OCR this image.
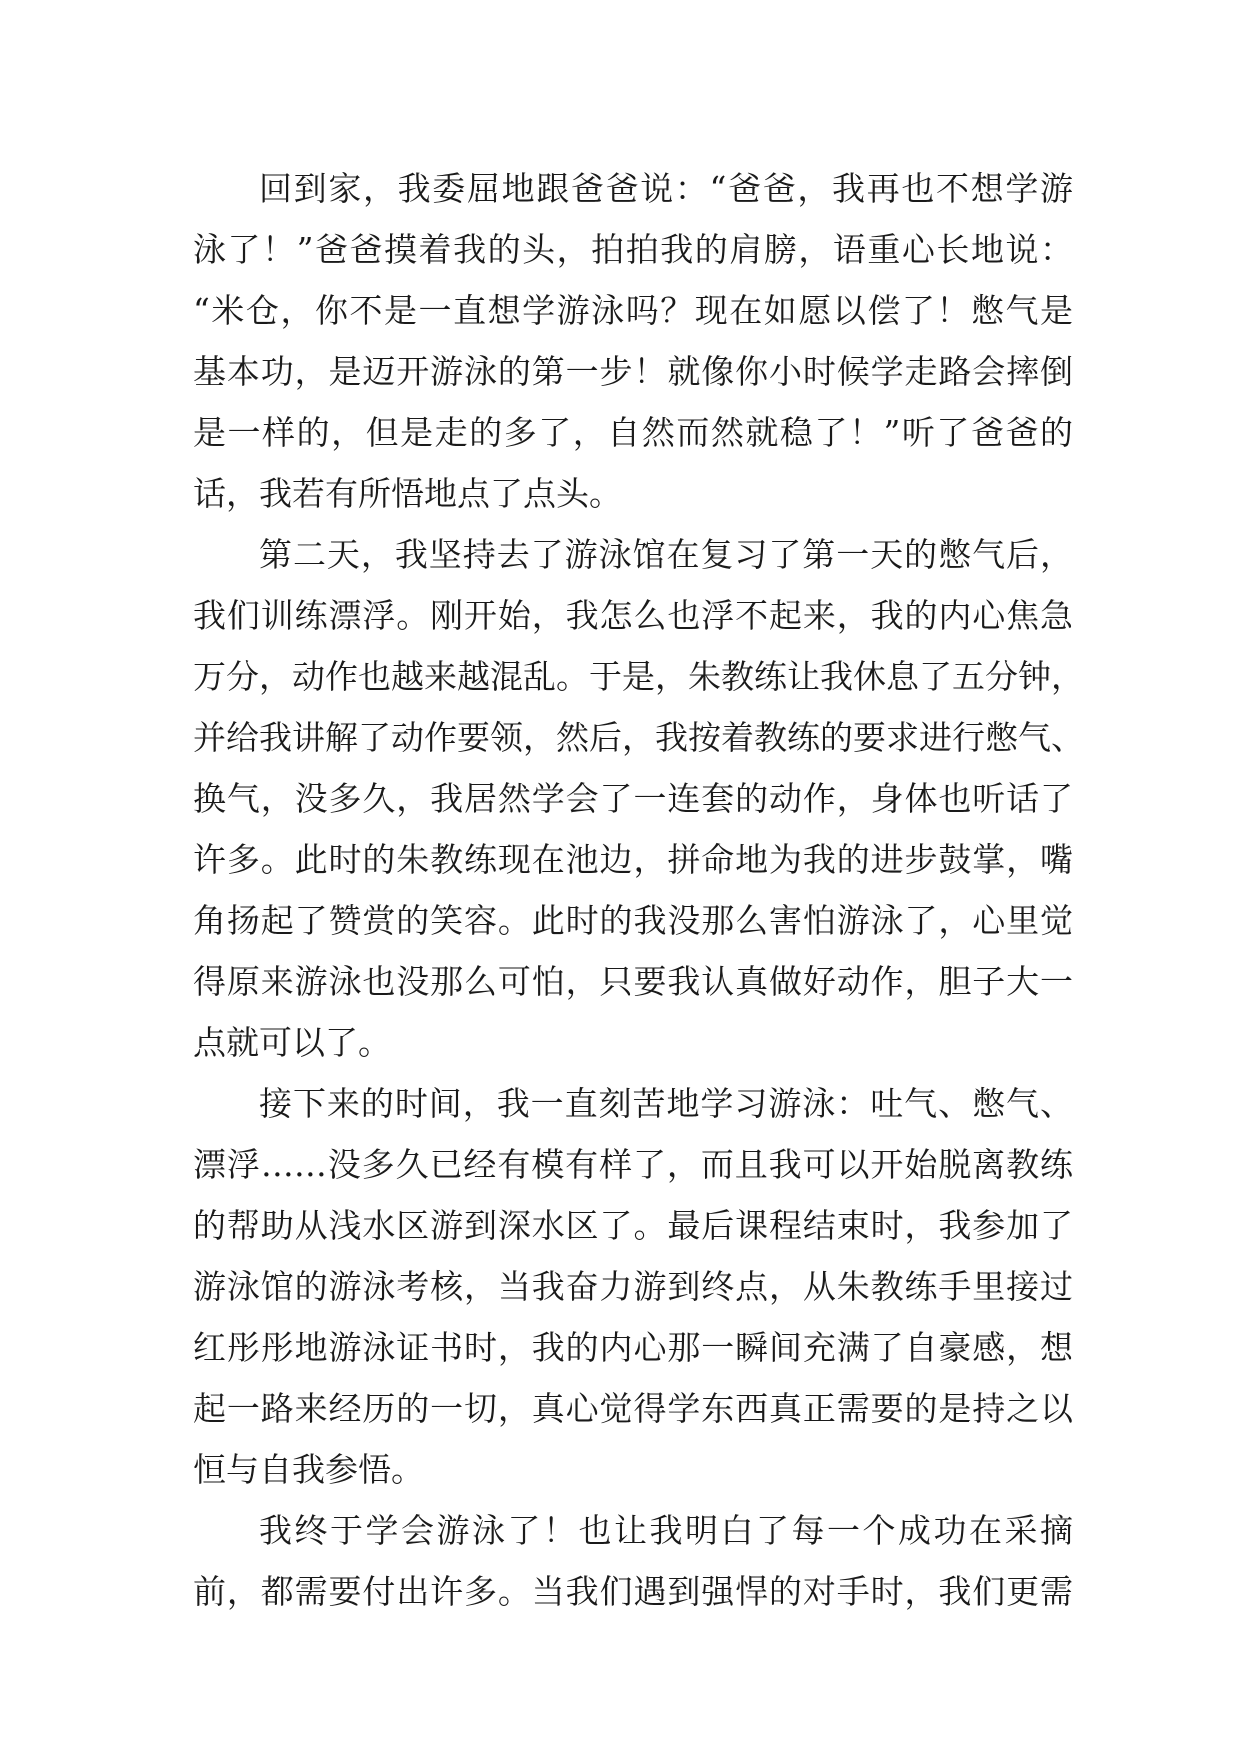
回到家，我委屈地跟爸爸说：“爸爸，我再也不想学游
泳了！”爸爸摸着我的头，拍拍我的肩膀，语重心长地说：
“米仓，你不是一直想学游泳吗？现在如愿以偿了！憋气是
基本功，是迈开游泳的第一步！就像你小时候学走路会摔倒
是一样的，但是走的多了，自然而然就稳了！”听了爸爸的
话，我若有所悟地点了点头。
第二天，我坚持去了游泳馆在复习了第一天的憋气后，
我们训练漂浮。刚开始，我怎么也浮不起来，我的内心焦急
万分，动作也越来越混乱。于是，朱教练让我休息了五分钟，
并给我讲解了动作要领，然后，我按着教练的要求进行憋气、
换气，没多久，我居然学会了一连套的动作，身体也听话了
许多。此时的朱教练现在池边，拼命地为我的进步鼓掌，嘴
角扬起了赞赏的笑容。此时的我没那么害怕游泳了，心里觉
得原来游泳也没那么可怕，只要我认真做好动作，胆子大一
点就可以了。
接下来的时间，我一直刻苦地学习游泳：吐气、憋气、
漂浮……没多久已经有模有样了，而且我可以开始脱离教练
的帮助从浅水区游到深水区了。最后课程结束时，我参加了
游泳馆的游泳考核，当我奋力游到终点，从朱教练手里接过
红彤彤地游泳证书时，我的内心那一瞬间充满了自豪感，想
起一路来经历的一切，真心觉得学东西真正需要的是持之以
恒与自我参悟。
我终于学会游泳了！也让我明白了每一个成功在采摘
前，都需要付出许多。当我们遇到强悍的对手时，我们更需
